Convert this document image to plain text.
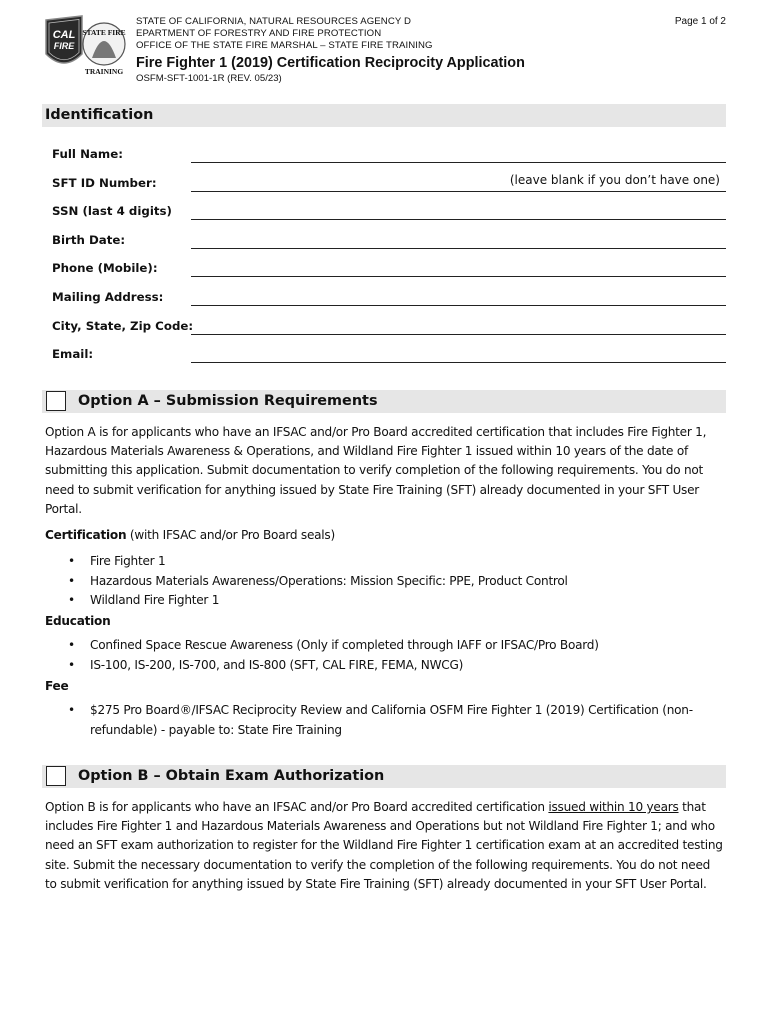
CAL
FIRE
STATE FIRE
TRAINING
STATE OF CALIFORNIA, NATURAL RESOURCES AGENCY D
EPARTMENT OF FORESTRY AND FIRE PROTECTION
OFFICE OF THE STATE FIRE MARSHAL – STATE FIRE TRAINING
Fire Fighter 1 (2019) Certification Reciprocity Application
OSFM-SFT-1001-1R (REV. 05/23)
Page 1 of 2
Identification
Full Name:
SFT ID Number:	(leave blank if you don’t have one)
SSN (last 4 digits)
Birth Date:
Phone (Mobile):
Mailing Address:
City, State, Zip Code:
Email:
Option A – Submission Requirements
Option A is for applicants who have an IFSAC and/or Pro Board accredited certification that includes Fire Fighter 1, Hazardous Materials Awareness & Operations, and Wildland Fire Fighter 1 issued within 10 years of the date of submitting this application. Submit documentation to verify completion of the following requirements. You do not need to submit verification for anything issued by State Fire Training (SFT) already documented in your SFT User Portal.
Certification (with IFSAC and/or Pro Board seals)
• Fire Fighter 1
• Hazardous Materials Awareness/Operations: Mission Specific: PPE, Product Control
• Wildland Fire Fighter 1
Education
• Confined Space Rescue Awareness (Only if completed through IAFF or IFSAC/Pro Board)
• IS-100, IS-200, IS-700, and IS-800 (SFT, CAL FIRE, FEMA, NWCG)
Fee
• $275 Pro Board®/IFSAC Reciprocity Review and California OSFM Fire Fighter 1 (2019) Certification (non-refundable) - payable to: State Fire Training
Option B – Obtain Exam Authorization
Option B is for applicants who have an IFSAC and/or Pro Board accredited certification issued within 10 years that includes Fire Fighter 1 and Hazardous Materials Awareness and Operations but not Wildland Fire Fighter 1; and who need an SFT exam authorization to register for the Wildland Fire Fighter 1 certification exam at an accredited testing site. Submit the necessary documentation to verify the completion of the following requirements. You do not need to submit verification for anything issued by State Fire Training (SFT) already documented in your SFT User Portal.
